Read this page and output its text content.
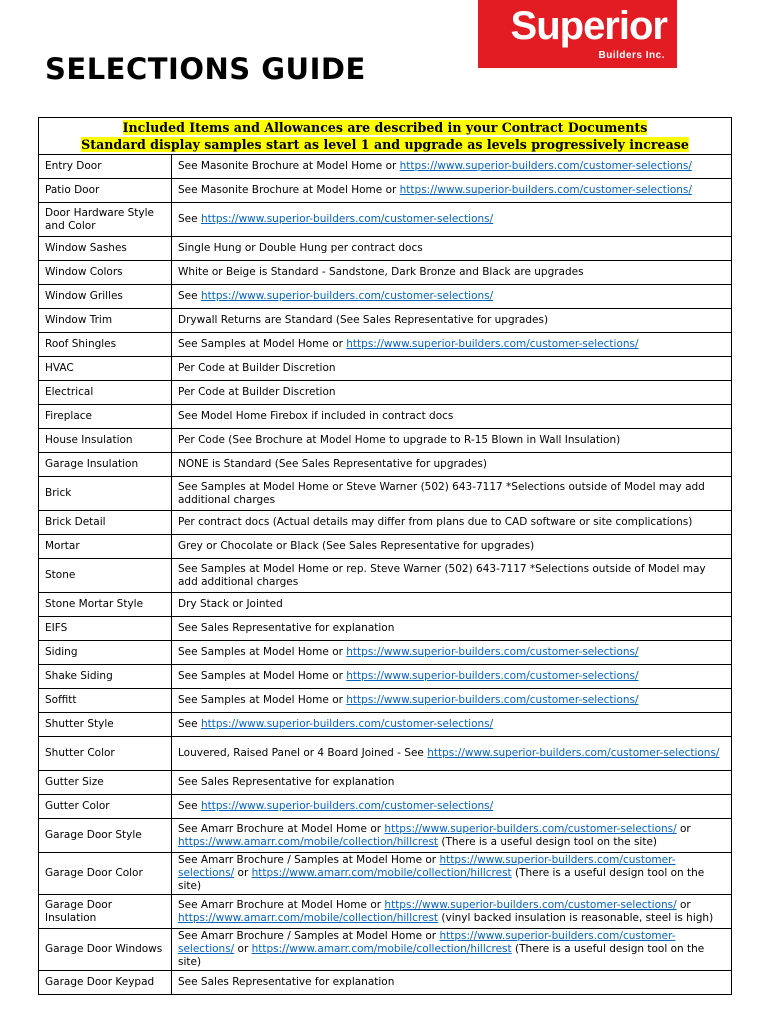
SELECTIONS GUIDE
Superior
Builders Inc.
Included Items and Allowances are described in your Contract Documents
Standard display samples start as level 1 and upgrade as levels progressively increase	
Entry Door	See Masonite Brochure at Model Home or https://www.superior-builders.com/customer-selections/
Patio Door	See Masonite Brochure at Model Home or https://www.superior-builders.com/customer-selections/
Door Hardware Style and Color	See https://www.superior-builders.com/customer-selections/
Window Sashes	Single Hung or Double Hung per contract docs
Window Colors	White or Beige is Standard - Sandstone, Dark Bronze and Black are upgrades
Window Grilles	See https://www.superior-builders.com/customer-selections/
Window Trim	Drywall Returns are Standard (See Sales Representative for upgrades)
Roof Shingles	See Samples at Model Home or https://www.superior-builders.com/customer-selections/
HVAC	Per Code at Builder Discretion
Electrical	Per Code at Builder Discretion
Fireplace	See Model Home Firebox if included in contract docs
House Insulation	Per Code (See Brochure at Model Home to upgrade to R-15 Blown in Wall Insulation)
Garage Insulation	NONE is Standard (See Sales Representative for upgrades)
Brick	See Samples at Model Home or Steve Warner (502) 643-7117 *Selections outside of Model may add additional charges
Brick Detail	Per contract docs (Actual details may differ from plans due to CAD software or site complications)
Mortar	Grey or Chocolate or Black (See Sales Representative for upgrades)
Stone	See Samples at Model Home or rep. Steve Warner (502) 643-7117 *Selections outside of Model may add additional charges
Stone Mortar Style	Dry Stack or Jointed
EIFS	See Sales Representative for explanation
Siding	See Samples at Model Home or https://www.superior-builders.com/customer-selections/
Shake Siding	See Samples at Model Home or https://www.superior-builders.com/customer-selections/
Soffitt	See Samples at Model Home or https://www.superior-builders.com/customer-selections/
Shutter Style	See https://www.superior-builders.com/customer-selections/
Shutter Color	Louvered, Raised Panel or 4 Board Joined - See https://www.superior-builders.com/customer-selections/
Gutter Size	See Sales Representative for explanation
Gutter Color	See https://www.superior-builders.com/customer-selections/
Garage Door Style	See Amarr Brochure at Model Home or https://www.superior-builders.com/customer-selections/ or https://www.amarr.com/mobile/collection/hillcrest (There is a useful design tool on the site)
Garage Door Color	See Amarr Brochure / Samples at Model Home or https://www.superior-builders.com/customer-selections/ or https://www.amarr.com/mobile/collection/hillcrest (There is a useful design tool on the site)
Garage Door Insulation	See Amarr Brochure at Model Home or https://www.superior-builders.com/customer-selections/ or https://www.amarr.com/mobile/collection/hillcrest (vinyl backed insulation is reasonable, steel is high)
Garage Door Windows	See Amarr Brochure / Samples at Model Home or https://www.superior-builders.com/customer-selections/ or https://www.amarr.com/mobile/collection/hillcrest (There is a useful design tool on the site)
Garage Door Keypad	See Sales Representative for explanation
